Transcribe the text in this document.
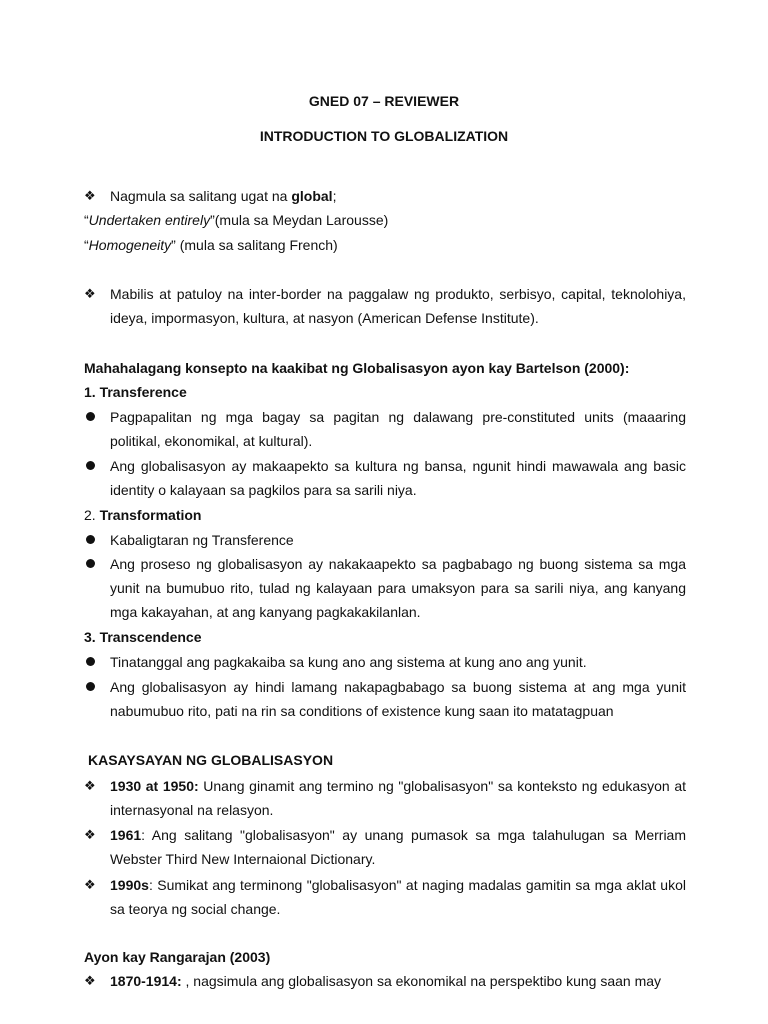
GNED 07 – REVIEWER
INTRODUCTION TO GLOBALIZATION
❖	Nagmula sa salitang ugat na global;
“Undertaken entirely”(mula sa Meydan Larousse)
“Homogeneity” (mula sa salitang French)
❖	Mabilis at patuloy na inter-border na paggalaw ng produkto, serbisyo, capital, teknolohiya, ideya, impormasyon, kultura, at nasyon (American Defense Institute).
Mahahalagang konsepto na kaakibat ng Globalisasyon ayon kay Bartelson (2000):
1. Transference
Pagpapalitan ng mga bagay sa pagitan ng dalawang pre-constituted units (maaaring politikal, ekonomikal, at kultural).
Ang globalisasyon ay makaapekto sa kultura ng bansa, ngunit hindi mawawala ang basic identity o kalayaan sa pagkilos para sa sarili niya.
2. Transformation
Kabaligtaran ng Transference
Ang proseso ng globalisasyon ay nakakaapekto sa pagbabago ng buong sistema sa mga yunit na bumubuo rito, tulad ng kalayaan para umaksyon para sa sarili niya, ang kanyang mga kakayahan, at ang kanyang pagkakakilanlan.
3. Transcendence
Tinatanggal ang pagkakaiba sa kung ano ang sistema at kung ano ang yunit.
Ang globalisasyon ay hindi lamang nakapagbabago sa buong sistema at ang mga yunit nabumubuo rito, pati na rin sa conditions of existence kung saan ito matatagpuan
KASAYSAYAN NG GLOBALISASYON
❖	1930 at 1950: Unang ginamit ang termino ng "globalisasyon" sa konteksto ng edukasyon at internasyonal na relasyon.
❖	1961: Ang salitang "globalisasyon" ay unang pumasok sa mga talahulugan sa Merriam Webster Third New Internaional Dictionary.
❖	1990s: Sumikat ang terminong "globalisasyon" at naging madalas gamitin sa mga aklat ukol sa teorya ng social change.
Ayon kay Rangarajan (2003)
❖	1870-1914: , nagsimula ang globalisasyon sa ekonomikal na perspektibo kung saan may
